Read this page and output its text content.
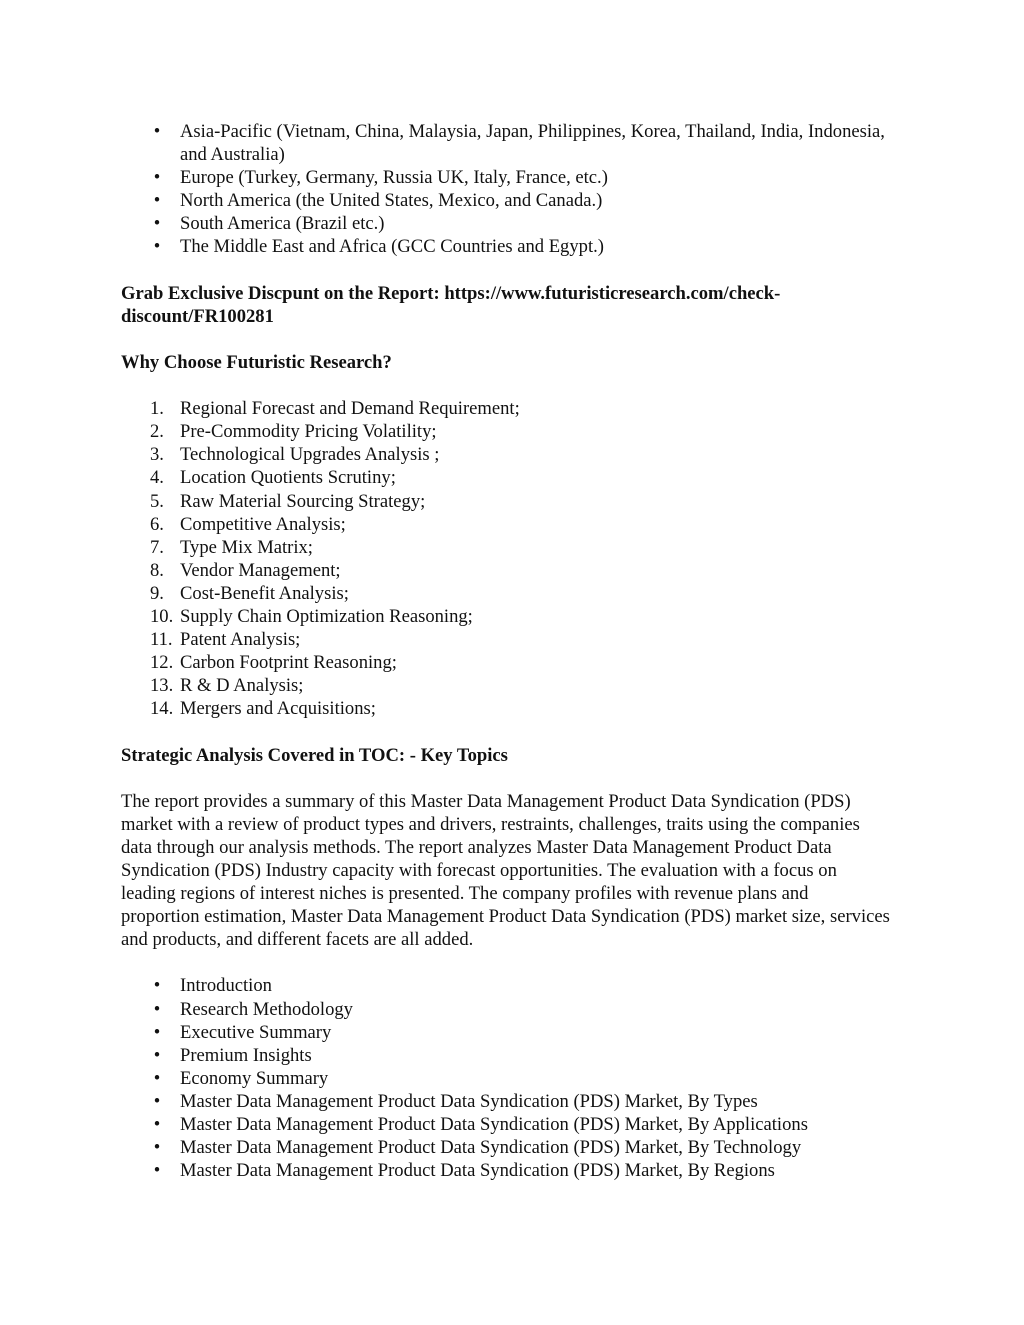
•	Asia-Pacific (Vietnam, China, Malaysia, Japan, Philippines, Korea, Thailand, India, Indonesia, and Australia)
•	Europe (Turkey, Germany, Russia UK, Italy, France, etc.)
•	North America (the United States, Mexico, and Canada.)
•	South America (Brazil etc.)
•	The Middle East and Africa (GCC Countries and Egypt.)

Grab Exclusive Discpunt on the Report: https://www.futuristicresearch.com/check-discount/FR100281

Why Choose Futuristic Research?

1. Regional Forecast and Demand Requirement;
2. Pre-Commodity Pricing Volatility;
3. Technological Upgrades Analysis ;
4. Location Quotients Scrutiny;
5. Raw Material Sourcing Strategy;
6. Competitive Analysis;
7. Type Mix Matrix;
8. Vendor Management;
9. Cost-Benefit Analysis;
10. Supply Chain Optimization Reasoning;
11. Patent Analysis;
12. Carbon Footprint Reasoning;
13. R & D Analysis;
14. Mergers and Acquisitions;

Strategic Analysis Covered in TOC: - Key Topics

The report provides a summary of this Master Data Management Product Data Syndication (PDS) market with a review of product types and drivers, restraints, challenges, traits using the companies data through our analysis methods. The report analyzes Master Data Management Product Data Syndication (PDS) Industry capacity with forecast opportunities. The evaluation with a focus on leading regions of interest niches is presented. The company profiles with revenue plans and proportion estimation, Master Data Management Product Data Syndication (PDS) market size, services and products, and different facets are all added.

•	Introduction
•	Research Methodology
•	Executive Summary
•	Premium Insights
•	Economy Summary
•	Master Data Management Product Data Syndication (PDS) Market, By Types
•	Master Data Management Product Data Syndication (PDS) Market, By Applications
•	Master Data Management Product Data Syndication (PDS) Market, By Technology
•	Master Data Management Product Data Syndication (PDS) Market, By Regions
